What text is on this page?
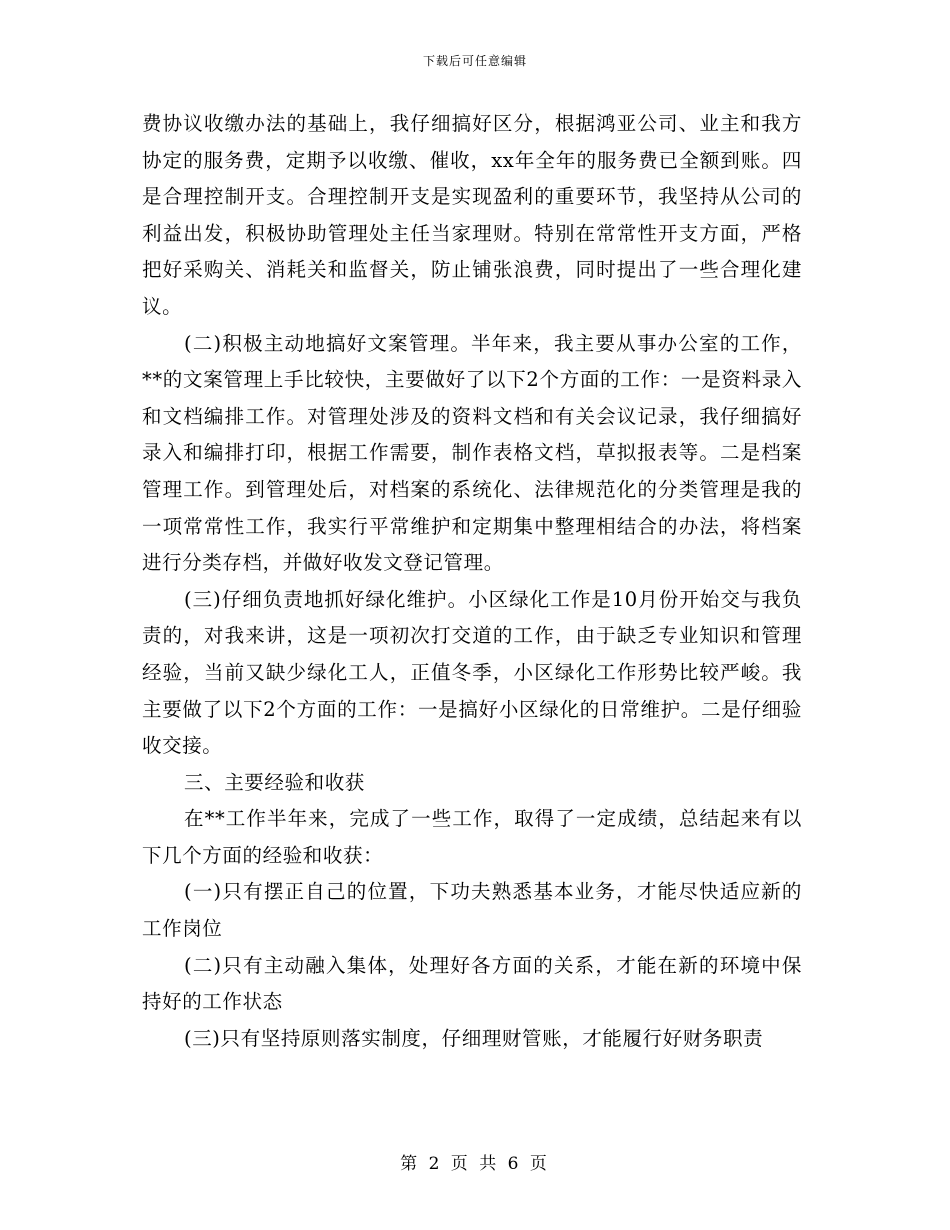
下载后可任意编辑

费协议收缴办法的基础上，我仔细搞好区分，根据鸿亚公司、业主和我方协定的服务费，定期予以收缴、催收，xx年全年的服务费已全额到账。四是合理控制开支。合理控制开支是实现盈利的重要环节，我坚持从公司的利益出发，积极协助管理处主任当家理财。特别在常常性开支方面，严格把好采购关、消耗关和监督关，防止铺张浪费，同时提出了一些合理化建议。

(二)积极主动地搞好文案管理。半年来，我主要从事办公室的工作，**的文案管理上手比较快，主要做好了以下2个方面的工作：一是资料录入和文档编排工作。对管理处涉及的资料文档和有关会议记录，我仔细搞好录入和编排打印，根据工作需要，制作表格文档，草拟报表等。二是档案管理工作。到管理处后，对档案的系统化、法律规范化的分类管理是我的一项常常性工作，我实行平常维护和定期集中整理相结合的办法，将档案进行分类存档，并做好收发文登记管理。

(三)仔细负责地抓好绿化维护。小区绿化工作是10月份开始交与我负责的，对我来讲，这是一项初次打交道的工作，由于缺乏专业知识和管理经验，当前又缺少绿化工人，正值冬季，小区绿化工作形势比较严峻。我主要做了以下2个方面的工作：一是搞好小区绿化的日常维护。二是仔细验收交接。

三、主要经验和收获

在**工作半年来，完成了一些工作，取得了一定成绩，总结起来有以下几个方面的经验和收获：

(一)只有摆正自己的位置，下功夫熟悉基本业务，才能尽快适应新的工作岗位

(二)只有主动融入集体，处理好各方面的关系，才能在新的环境中保持好的工作状态

(三)只有坚持原则落实制度，仔细理财管账，才能履行好财务职责

第 2 页 共 6 页
